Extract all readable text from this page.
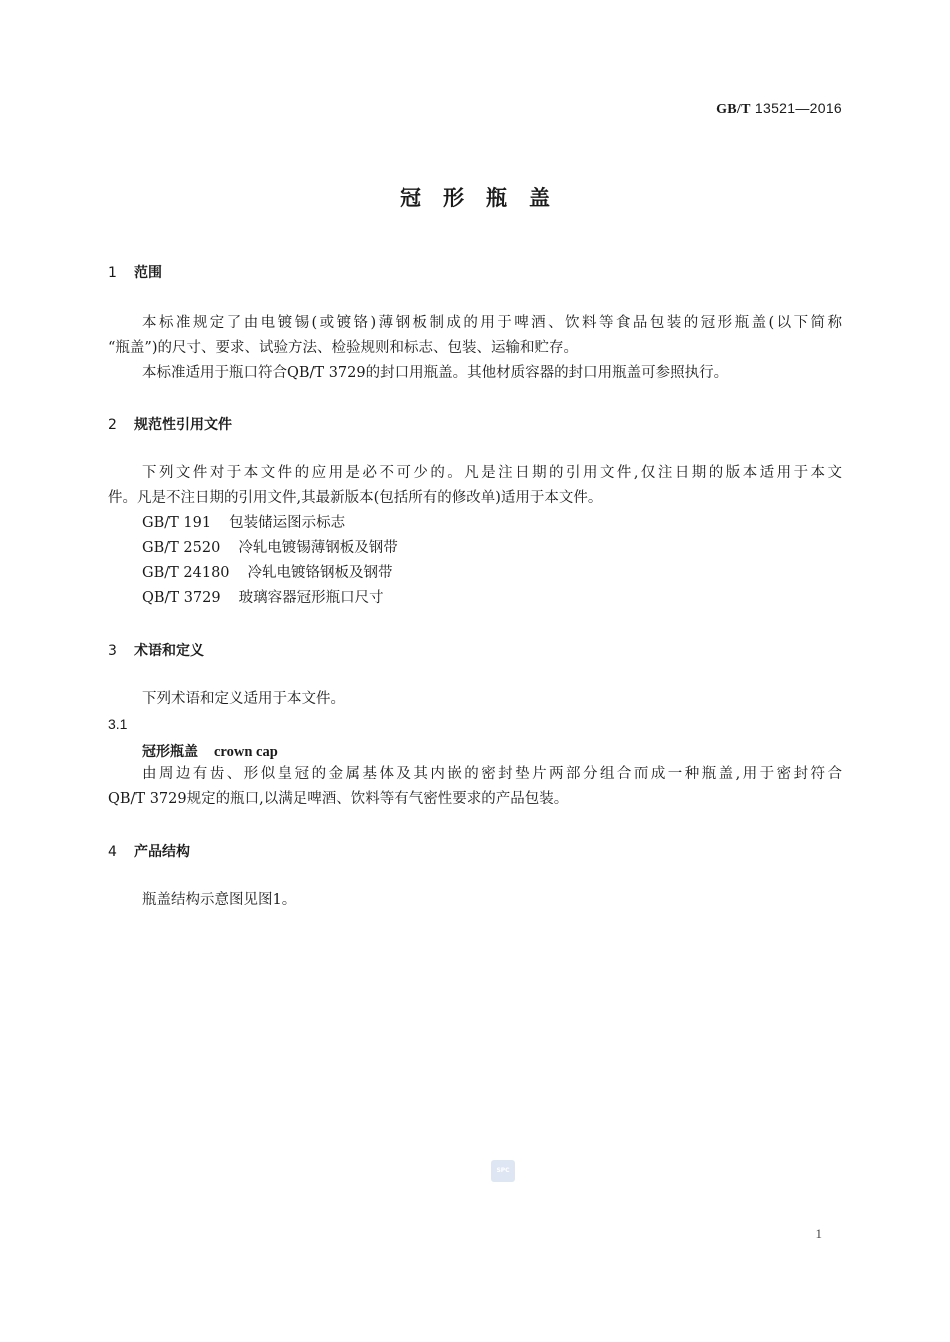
GB/T 13521—2016
冠形瓶盖
1 范围
本标准规定了由电镀锡(或镀铬)薄钢板制成的用于啤酒、饮料等食品包装的冠形瓶盖(以下简称
“瓶盖”)的尺寸、要求、试验方法、检验规则和标志、包装、运输和贮存。
本标准适用于瓶口符合QB/T 3729的封口用瓶盖。其他材质容器的封口用瓶盖可参照执行。
2 规范性引用文件
下列文件对于本文件的应用是必不可少的。凡是注日期的引用文件,仅注日期的版本适用于本文
件。凡是不注日期的引用文件,其最新版本(包括所有的修改单)适用于本文件。
GB/T 191 包装储运图示标志
GB/T 2520 冷轧电镀锡薄钢板及钢带
GB/T 24180 冷轧电镀铬钢板及钢带
QB/T 3729 玻璃容器冠形瓶口尺寸
3 术语和定义
下列术语和定义适用于本文件。
3.1
冠形瓶盖 crown cap
由周边有齿、形似皇冠的金属基体及其内嵌的密封垫片两部分组合而成一种瓶盖,用于密封符合
QB/T 3729规定的瓶口,以满足啤酒、饮料等有气密性要求的产品包装。
4 产品结构
瓶盖结构示意图见图1。
SPC
1
